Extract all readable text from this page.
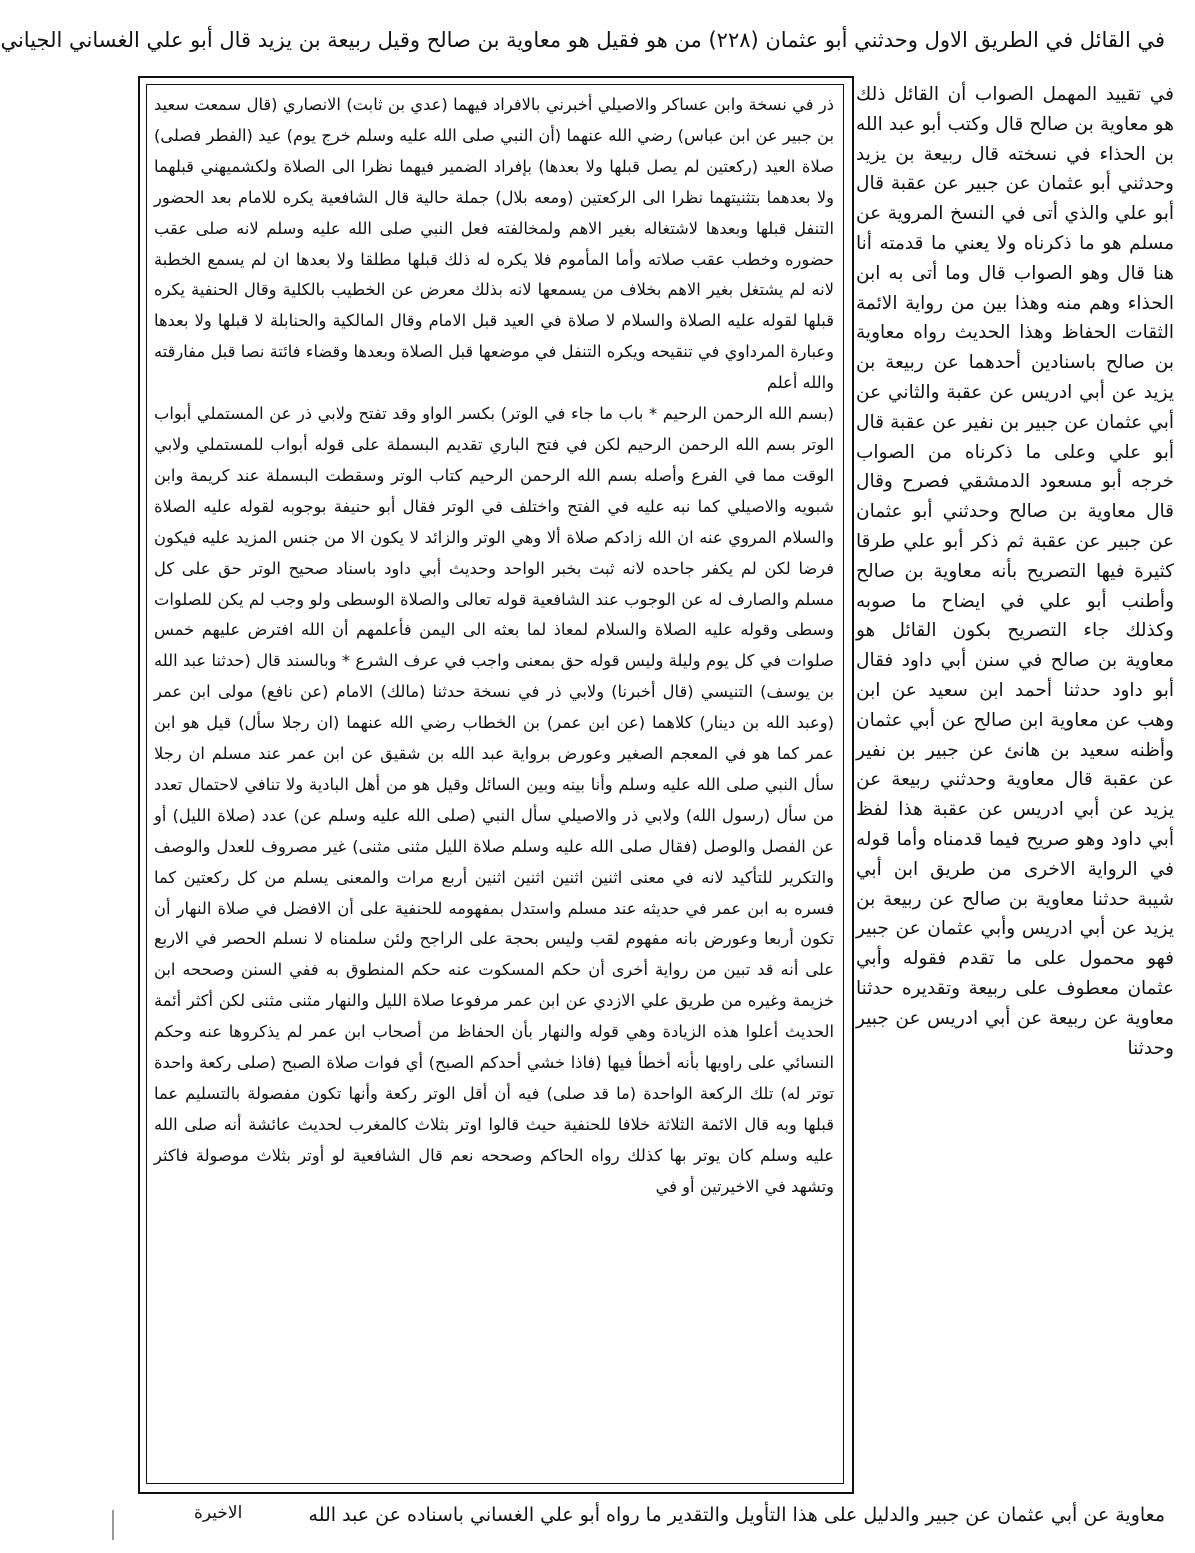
في القائل في الطريق الاول وحدثني أبو عثمان (٢٢٨) من هو فقيل هو معاوية بن صالح وقيل ربيعة بن يزيد قال أبو علي الغساني الجياني

ذر في نسخة وابن عساكر والاصيلي أخبرني بالافراد فيهما (عدي بن ثابت) الانصاري (قال سمعت سعيد بن جبير عن ابن عباس) رضي الله عنهما (أن النبي صلى الله عليه وسلم خرج يوم) عيد (الفطر فصلى) صلاة العيد (ركعتين لم يصل قبلها ولا بعدها) بإفراد الضمير فيهما نظرا الى الصلاة ولكشميهني قبلهما ولا بعدهما بتثنيتهما نظرا الى الركعتين (ومعه بلال) جملة حالية قال الشافعية يكره للامام بعد الحضور التنفل قبلها وبعدها لاشتغاله بغير الاهم ولمخالفته فعل النبي صلى الله عليه وسلم لانه صلى عقب حضوره وخطب عقب صلاته وأما المأموم فلا يكره له ذلك قبلها مطلقا ولا بعدها ان لم يسمع الخطبة لانه لم يشتغل بغير الاهم بخلاف من يسمعها لانه بذلك معرض عن الخطيب بالكلية وقال الحنفية يكره قبلها لقوله عليه الصلاة والسلام لا صلاة في العيد قبل الامام وقال المالكية والحنابلة لا قبلها ولا بعدها وعبارة المرداوي في تنقيحه ويكره التنفل في موضعها قبل الصلاة وبعدها وقضاء فائتة نصا قبل مفارقته والله أعلم

(بسم الله الرحمن الرحيم * باب ما جاء في الوتر) بكسر الواو وقد تفتح ولابي ذر عن المستملي أبواب الوتر بسم الله الرحمن الرحيم لكن في فتح الباري تقديم البسملة على قوله أبواب للمستملي ولابي الوقت مما في الفرع وأصله بسم الله الرحمن الرحيم كتاب الوتر وسقطت البسملة عند كريمة وابن شبويه والاصيلي كما نبه عليه في الفتح واختلف في الوتر فقال أبو حنيفة بوجوبه لقوله عليه الصلاة والسلام المروي عنه ان الله زادكم صلاة ألا وهي الوتر والزائد لا يكون الا من جنس المزيد عليه فيكون فرضا لكن لم يكفر جاحده لانه ثبت بخبر الواحد وحديث أبي داود باسناد صحيح الوتر حق على كل مسلم والصارف له عن الوجوب عند الشافعية قوله تعالى والصلاة الوسطى ولو وجب لم يكن للصلوات وسطى وقوله عليه الصلاة والسلام لمعاذ لما بعثه الى اليمن فأعلمهم أن الله افترض عليهم خمس صلوات في كل يوم وليلة وليس قوله حق بمعنى واجب في عرف الشرع * وبالسند قال (حدثنا عبد الله بن يوسف) التنيسي (قال أخبرنا) ولابي ذر في نسخة حدثنا (مالك) الامام (عن نافع) مولى ابن عمر (وعبد الله بن دينار) كلاهما (عن ابن عمر) بن الخطاب رضي الله عنهما (ان رجلا سأل) قيل هو ابن عمر كما هو في المعجم الصغير وعورض برواية عبد الله بن شقيق عن ابن عمر عند مسلم ان رجلا سأل النبي صلى الله عليه وسلم وأنا بينه وبين السائل وقيل هو من أهل البادية ولا تنافي لاحتمال تعدد من سأل (رسول الله) ولابي ذر والاصيلي سأل النبي (صلى الله عليه وسلم عن) عدد (صلاة الليل) أو عن الفصل والوصل (فقال صلى الله عليه وسلم صلاة الليل مثنى مثنى) غير مصروف للعدل والوصف والتكرير للتأكيد لانه في معنى اثنين اثنين اثنين اثنين أربع مرات والمعنى يسلم من كل ركعتين كما فسره به ابن عمر في حديثه عند مسلم واستدل بمفهومه للحنفية على أن الافضل في صلاة النهار أن تكون أربعا وعورض بانه مفهوم لقب وليس بحجة على الراجح ولئن سلمناه لا نسلم الحصر في الاربع على أنه قد تبين من رواية أخرى أن حكم المسكوت عنه حكم المنطوق به ففي السنن وصححه ابن خزيمة وغيره من طريق علي الازدي عن ابن عمر مرفوعا صلاة الليل والنهار مثنى مثنى لكن أكثر أئمة الحديث أعلوا هذه الزيادة وهي قوله والنهار بأن الحفاظ من أصحاب ابن عمر لم يذكروها عنه وحكم النسائي على راويها بأنه أخطأ فيها (فاذا خشي أحدكم الصبح) أي فوات صلاة الصبح (صلى ركعة واحدة توتر له) تلك الركعة الواحدة (ما قد صلى) فيه أن أقل الوتر ركعة وأنها تكون مفصولة بالتسليم عما قبلها وبه قال الائمة الثلاثة خلافا للحنفية حيث قالوا اوتر بثلاث كالمغرب لحديث عائشة أنه صلى الله عليه وسلم كان يوتر بها كذلك رواه الحاكم وصححه نعم قال الشافعية لو أوتر بثلاث موصولة فاكثر وتشهد في الاخيرتين أو في

في تقييد المهمل الصواب أن القائل ذلك هو معاوية بن صالح قال وكتب أبو عبد الله بن الحذاء في نسخته قال ربيعة بن يزيد وحدثني أبو عثمان عن جبير عن عقبة قال أبو علي والذي أتى في النسخ المروية عن مسلم هو ما ذكرناه ولا يعني ما قدمته أنا هنا قال وهو الصواب قال وما أتى به ابن الحذاء وهم منه وهذا بين من رواية الائمة الثقات الحفاظ وهذا الحديث رواه معاوية بن صالح باسنادين أحدهما عن ربيعة بن يزيد عن أبي ادريس عن عقبة والثاني عن أبي عثمان عن جبير بن نفير عن عقبة قال أبو علي وعلى ما ذكرناه من الصواب خرجه أبو مسعود الدمشقي فصرح وقال قال معاوية بن صالح وحدثني أبو عثمان عن جبير عن عقبة ثم ذكر أبو علي طرقا كثيرة فيها التصريح بأنه معاوية بن صالح وأطنب أبو علي في ايضاح ما صوبه وكذلك جاء التصريح بكون القائل هو معاوية بن صالح في سنن أبي داود فقال أبو داود حدثنا أحمد ابن سعيد عن ابن وهب عن معاوية ابن صالح عن أبي عثمان وأظنه سعيد بن هانئ عن جبير بن نفير عن عقبة قال معاوية وحدثني ربيعة عن يزيد عن أبي ادريس عن عقبة هذا لفظ أبي داود وهو صريح فيما قدمناه وأما قوله في الرواية الاخرى من طريق ابن أبي شيبة حدثنا معاوية بن صالح عن ربيعة بن يزيد عن أبي ادريس وأبي عثمان عن جبير فهو محمول على ما تقدم فقوله وأبي عثمان معطوف على ربيعة وتقديره حدثنا معاوية عن ربيعة عن أبي ادريس عن جبير وحدثنا
معاوية عن أبي عثمان عن جبير والدليل على هذا التأويل والتقدير ما رواه أبو علي الغساني باسناده عن عبد الله
الاخيرة
